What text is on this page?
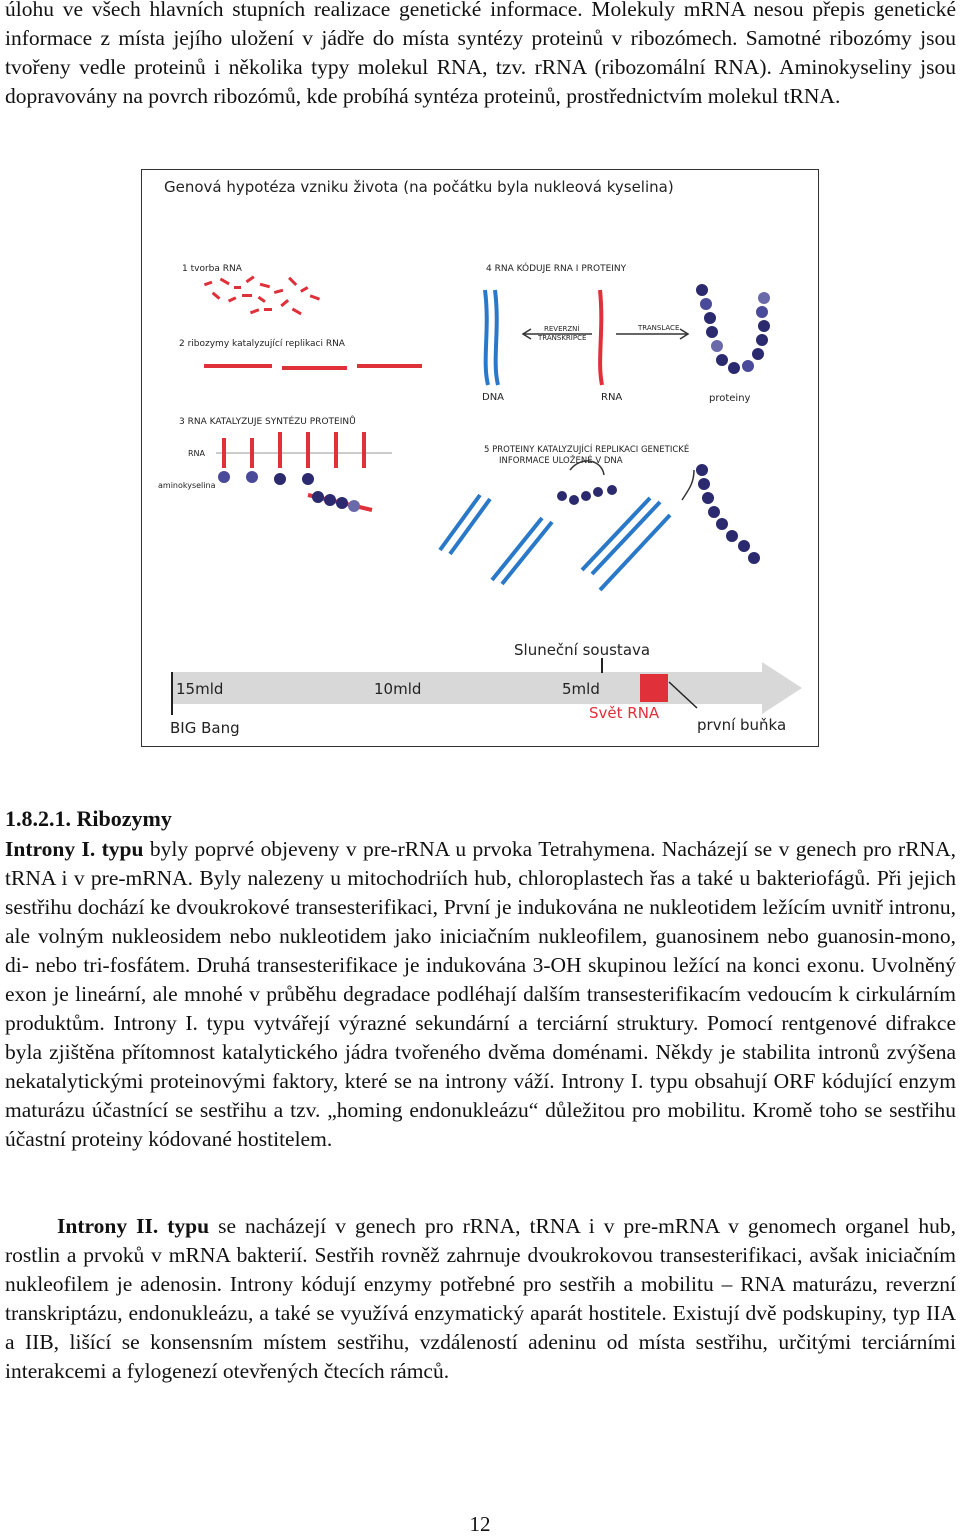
úlohu ve všech hlavních stupních realizace genetické informace. Molekuly mRNA nesou přepis genetické informace z místa jejího uložení v jádře do místa syntézy proteinů v ribozómech. Samotné ribozómy jsou tvořeny vedle proteinů i několika typy molekul RNA, tzv. rRNA (ribozomální RNA). Aminokyseliny jsou dopravovány na povrch ribozómů, kde probíhá syntéza proteinů, prostřednictvím molekul tRNA.

Genová hypotéza vzniku života (na počátku byla nukleová kyselina)
1 tvorba RNA
2 ribozymy katalyzující replikaci RNA
3 RNA KATALYZUJE SYNTÉZU PROTEINŮ
RNA
aminokyselina
4 RNA KÓDUJE RNA I PROTEINY
REVERZNÍ
TRANSKRIPCE
TRANSLACE
DNA	RNA	proteiny
5 PROTEINY KATALYZUJÍCÍ REPLIKACI GENETICKÉ
INFORMACE ULOŽENÉ V DNA
Sluneční soustava
15mld	10mld	5mld
BIG Bang
Svět RNA
první buňka
1.8.2.1. Ribozymy

Introny I. typu byly poprvé objeveny v pre-rRNA u prvoka Tetrahymena. Nacházejí se v genech pro rRNA, tRNA i v pre-mRNA. Byly nalezeny u mitochodriích hub, chloroplastech řas a také u bakteriofágů. Při jejich sestřihu dochází ke dvoukrokové transesterifikaci, První je indukována ne nukleotidem ležícím uvnitř intronu, ale volným nukleosidem nebo nukleotidem jako iniciačním nukleofilem, guanosinem nebo guanosin-mono, di- nebo tri-fosfátem. Druhá transesterifikace je indukována 3-OH skupinou ležící na konci exonu. Uvolněný exon je lineární, ale mnohé v průběhu degradace podléhají dalším transesterifikacím vedoucím k cirkulárním produktům. Introny I. typu vytvářejí výrazné sekundární a terciární struktury. Pomocí rentgenové difrakce byla zjištěna přítomnost katalytického jádra tvořeného dvěma doménami. Někdy je stabilita intronů zvýšena nekatalytickými proteinovými faktory, které se na introny váží. Introny I. typu obsahují ORF kódující enzym maturázu účastnící se sestřihu a tzv. „homing endonukleázu“ důležitou pro mobilitu. Kromě toho se sestřihu účastní proteiny kódované hostitelem.

Introny II. typu se nacházejí v genech pro rRNA, tRNA i v pre-mRNA v genomech organel hub, rostlin a prvoků v mRNA bakterií. Sestřih rovněž zahrnuje dvoukrokovou transesterifikaci, avšak iniciačním nukleofilem je adenosin. Introny kódují enzymy potřebné pro sestřih a mobilitu – RNA maturázu, reverzní transkriptázu, endonukleázu, a také se využívá enzymatický aparát hostitele. Existují dvě podskupiny, typ IIA a IIB, lišící se konsensním místem sestřihu, vzdáleností adeninu od místa sestřihu, určitými terciárními interakcemi a fylogenezí otevřených čtecích rámců.

12
